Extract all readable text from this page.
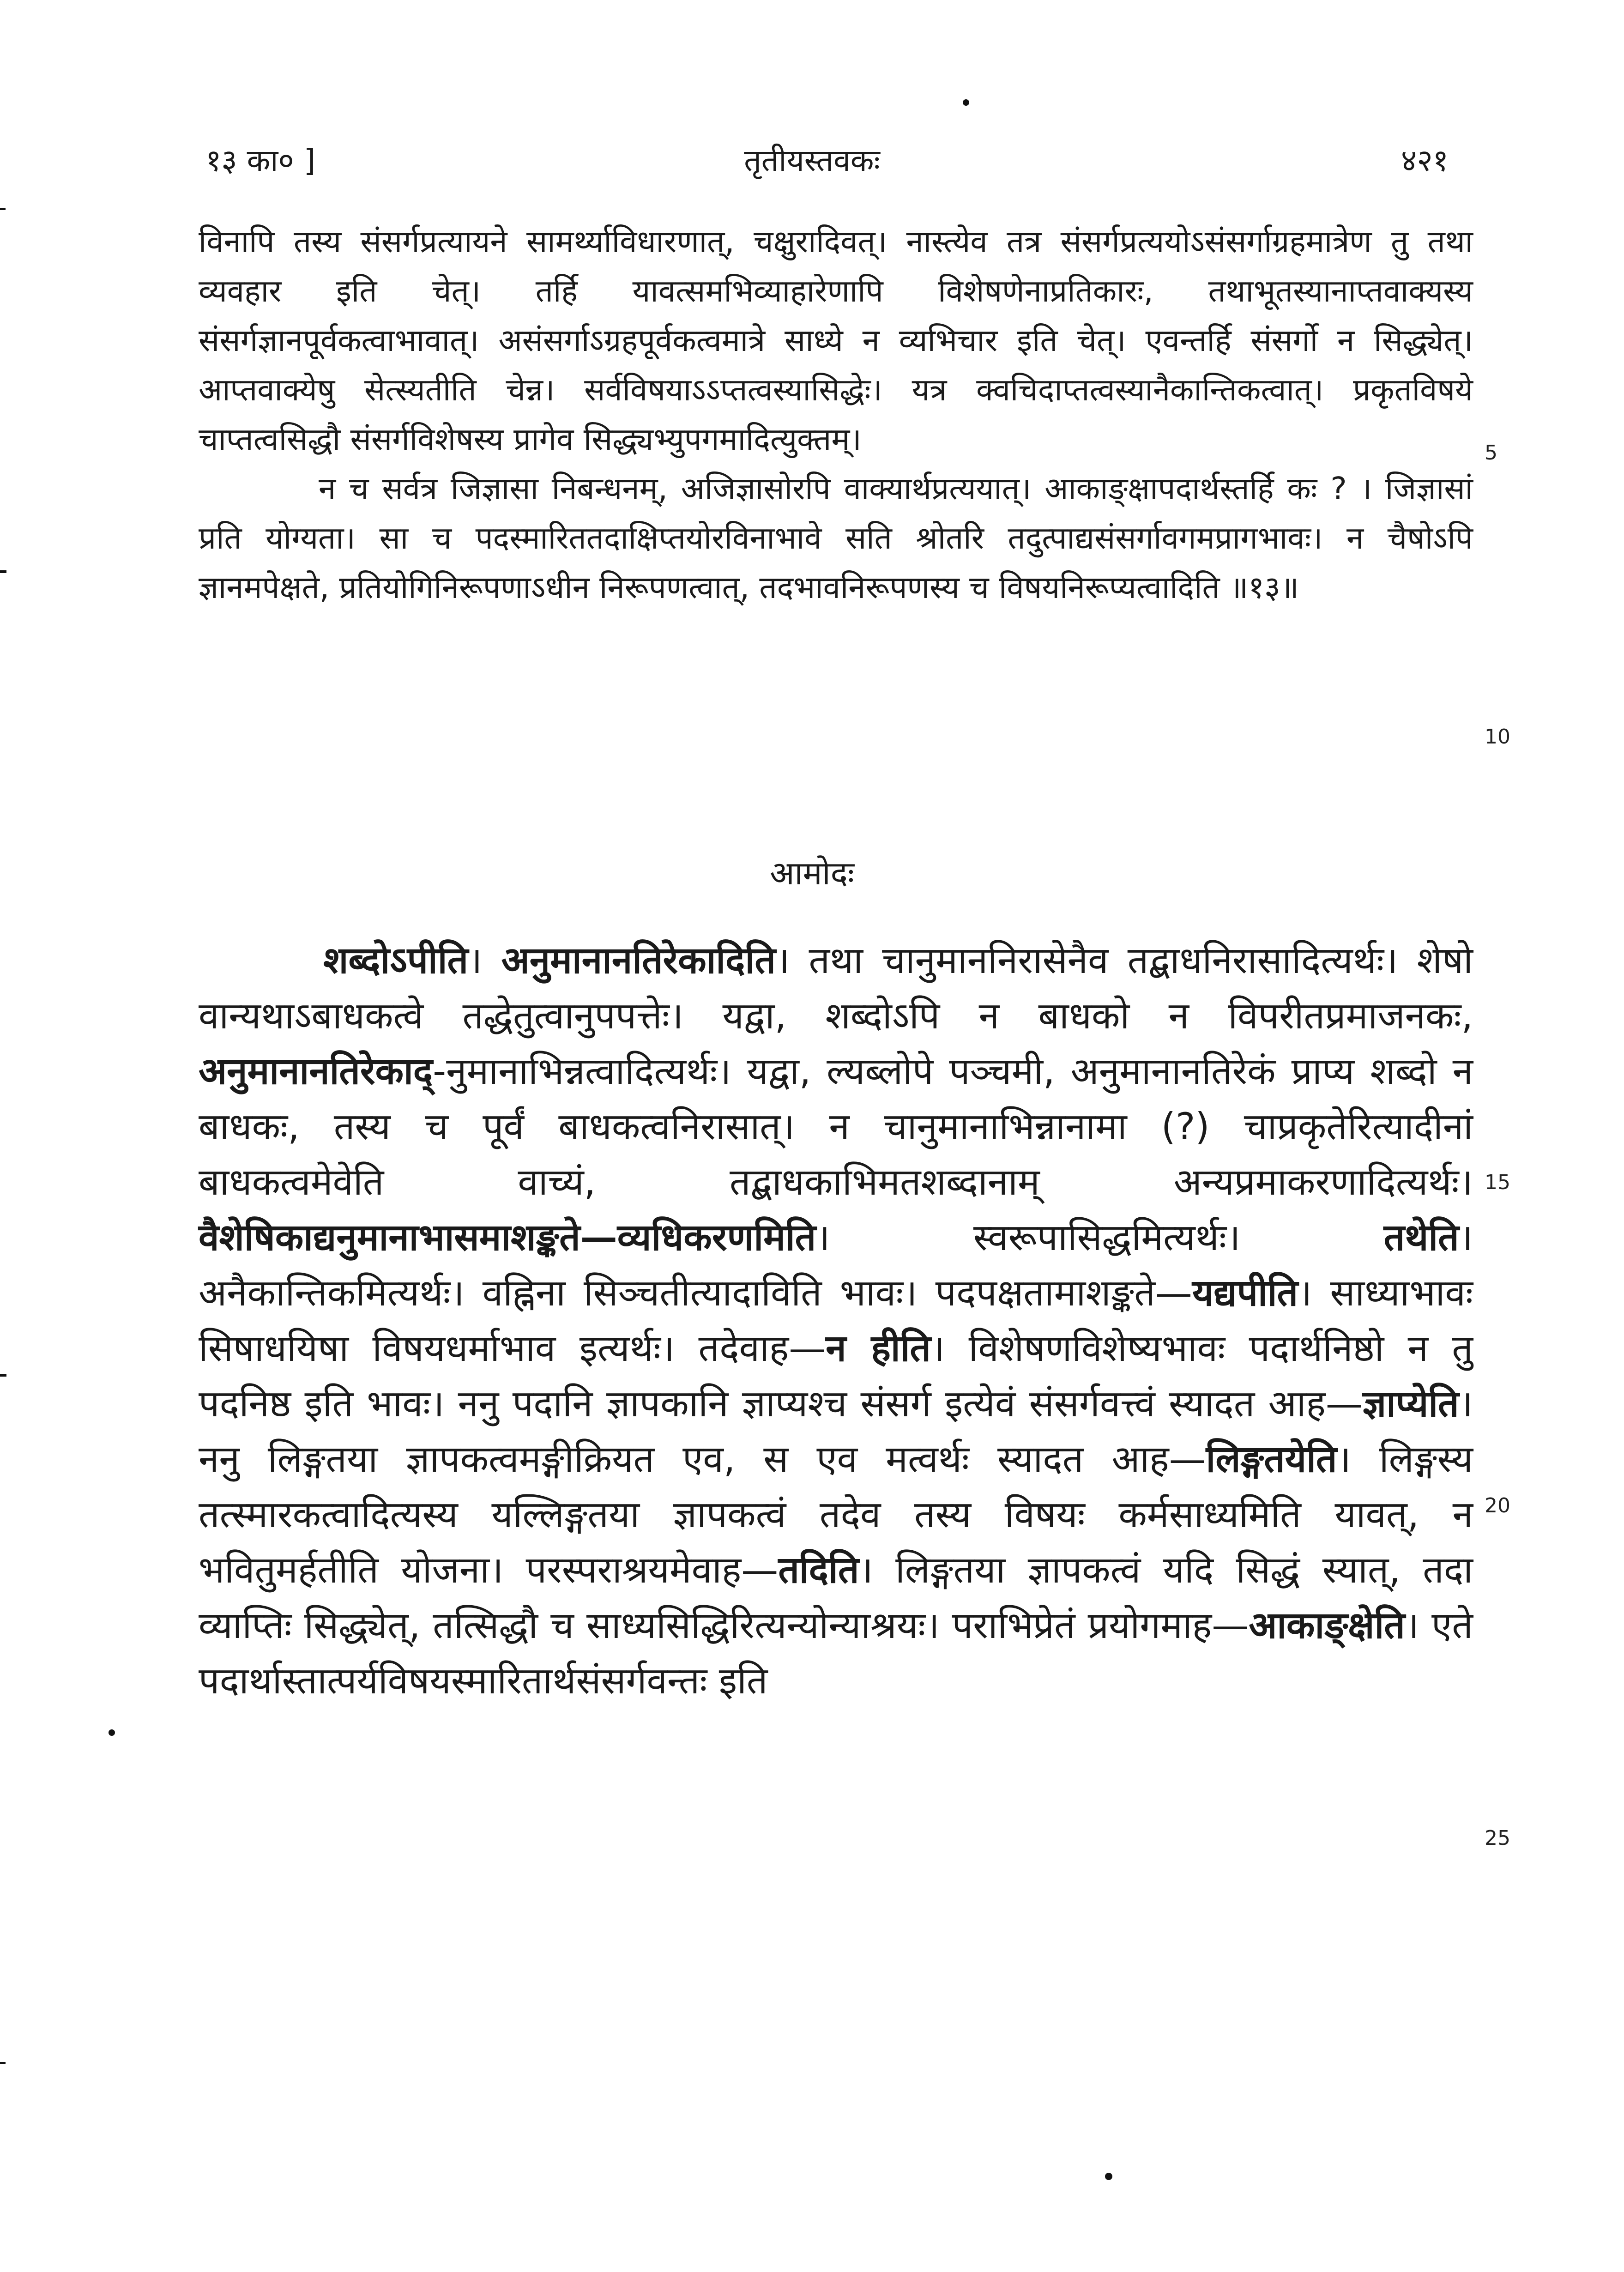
१३ का० ]	तृतीयस्तवकः	४२१

विनापि तस्य संसर्गप्रत्यायने सामर्थ्याविधारणात्, चक्षुरादिवत्। नास्त्येव तत्र संसर्गप्रत्ययोऽसंसर्गाग्रहमात्रेण तु तथा व्यवहार इति चेत्। तर्हि यावत्समभिव्याहारेणापि विशेषणेनाप्रतिकारः, तथाभूतस्यानाप्तवाक्यस्य संसर्गज्ञानपूर्वकत्वाभावात्। असंसर्गाऽग्रहपूर्वकत्वमात्रे साध्ये न व्यभिचार इति चेत्। एवन्तर्हि संसर्गो न सिद्ध्येत्। आप्तवाक्येषु सेत्स्यतीति चेन्न। सर्वविषयाऽऽप्तत्वस्यासिद्धेः। यत्र क्वचिदाप्तत्वस्यानैकान्तिकत्वात्। प्रकृतविषये चाप्तत्वसिद्धौ संसर्गविशेषस्य प्रागेव सिद्ध्यभ्युपगमादित्युक्तम्।

न च सर्वत्र जिज्ञासा निबन्धनम्, अजिज्ञासोरपि वाक्यार्थप्रत्ययात्। आकाङ्क्षापदार्थस्तर्हि कः ? । जिज्ञासां प्रति योग्यता। सा च पदस्मारिततदाक्षिप्तयोरविनाभावे सति श्रोतरि तदुत्पाद्यसंसर्गावगमप्रागभावः। न चैषोऽपि ज्ञानमपेक्षते, प्रतियोगिनिरूपणाऽधीन निरूपणत्वात्, तदभावनिरूपणस्य च विषयनिरूप्यत्वादिति ॥१३॥

5
10
आमोदः

शब्दोऽपीति। अनुमानानतिरेकादिति। तथा चानुमाननिरासेनैव तद्बाधनिरासादित्यर्थः। शेषो वान्यथाऽबाधकत्वे तद्धेतुत्वानुपपत्तेः। यद्वा, शब्दोऽपि न बाधको न विपरीतप्रमाजनकः, अनुमानानतिरेकाद्-नुमानाभिन्नत्वादित्यर्थः। यद्वा, ल्यब्लोपे पञ्चमी, अनुमानानतिरेकं प्राप्य शब्दो न बाधकः, तस्य च पूर्वं बाधकत्वनिरासात्। न चानुमानाभिन्नानामा (?) चाप्रकृतेरित्यादीनां बाधकत्वमेवेति वाच्यं, तद्बाधकाभिमतशब्दानाम् अन्यप्रमाकरणादित्यर्थः। वैशेषिकाद्यनुमानाभासमाशङ्कते—व्यधिकरणमिति। स्वरूपासिद्धमित्यर्थः। तथेति। अनैकान्तिकमित्यर्थः। वह्निना सिञ्चतीत्यादाविति भावः। पदपक्षतामाशङ्कते—यद्यपीति। साध्याभावः सिषाधयिषा विषयधर्माभाव इत्यर्थः। तदेवाह—न हीति। विशेषणविशेष्यभावः पदार्थनिष्ठो न तु पदनिष्ठ इति भावः। ननु पदानि ज्ञापकानि ज्ञाप्यश्च संसर्ग इत्येवं संसर्गवत्त्वं स्यादत आह—ज्ञाप्येति। ननु लिङ्गतया ज्ञापकत्वमङ्गीक्रियत एव, स एव मत्वर्थः स्यादत आह—लिङ्गतयेति। लिङ्गस्य तत्स्मारकत्वादित्यस्य यल्लिङ्गतया ज्ञापकत्वं तदेव तस्य विषयः कर्मसाध्यमिति यावत्, न भवितुमर्हतीति योजना। परस्पराश्रयमेवाह—तदिति। लिङ्गतया ज्ञापकत्वं यदि सिद्धं स्यात्, तदा व्याप्तिः सिद्ध्येत्, तत्सिद्धौ च साध्यसिद्धिरित्यन्योन्याश्रयः। पराभिप्रेतं प्रयोगमाह—आकाङ्क्षेति। एते पदार्थास्तात्पर्यविषयस्मारितार्थसंसर्गवन्तः इति

15
20
25
